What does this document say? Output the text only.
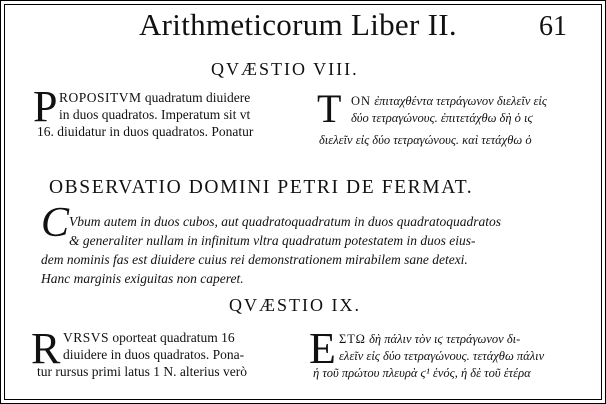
Arithmeticorum Liber II.	61
QVÆSTIO VIII.
P ROPOSITVM quadratum diuidere
in duos quadratos. Imperatum sit vt
16. diuidatur in duos quadratos. Ponatur
T ON ἐπιταχθέντα τετράγωνον διελεῖν εἰς
δύο τετραγώνους. ἐπιτετάχθω δὴ ὁ ιϛ
διελεῖν εἰς δύο τετραγώνους. καὶ τετάχθω ὁ
OBSERVATIO DOMINI PETRI DE FERMAT.
C Vbum autem in duos cubos, aut quadratoquadratum in duos quadratoquadratos
& generaliter nullam in infinitum vltra quadratum potestatem in duos eius-
dem nominis fas est diuidere cuius rei demonstrationem mirabilem sane detexi.
Hanc marginis exiguitas non caperet.
QVÆSTIO IX.
R VRSVS oporteat quadratum 16
diuidere in duos quadratos. Pona-
tur rursus primi latus 1 N. alterius verò E ΣΤΩ δὴ πάλιν τὸν ιϛ τετράγωνον δι-
ελεῖν εἰς δύο τετραγώνους. τετάχθω πάλιν
ἡ τοῦ πρώτου πλευρὰ ϛ¹ ἑνός, ἡ δὲ τοῦ ἑτέρα
